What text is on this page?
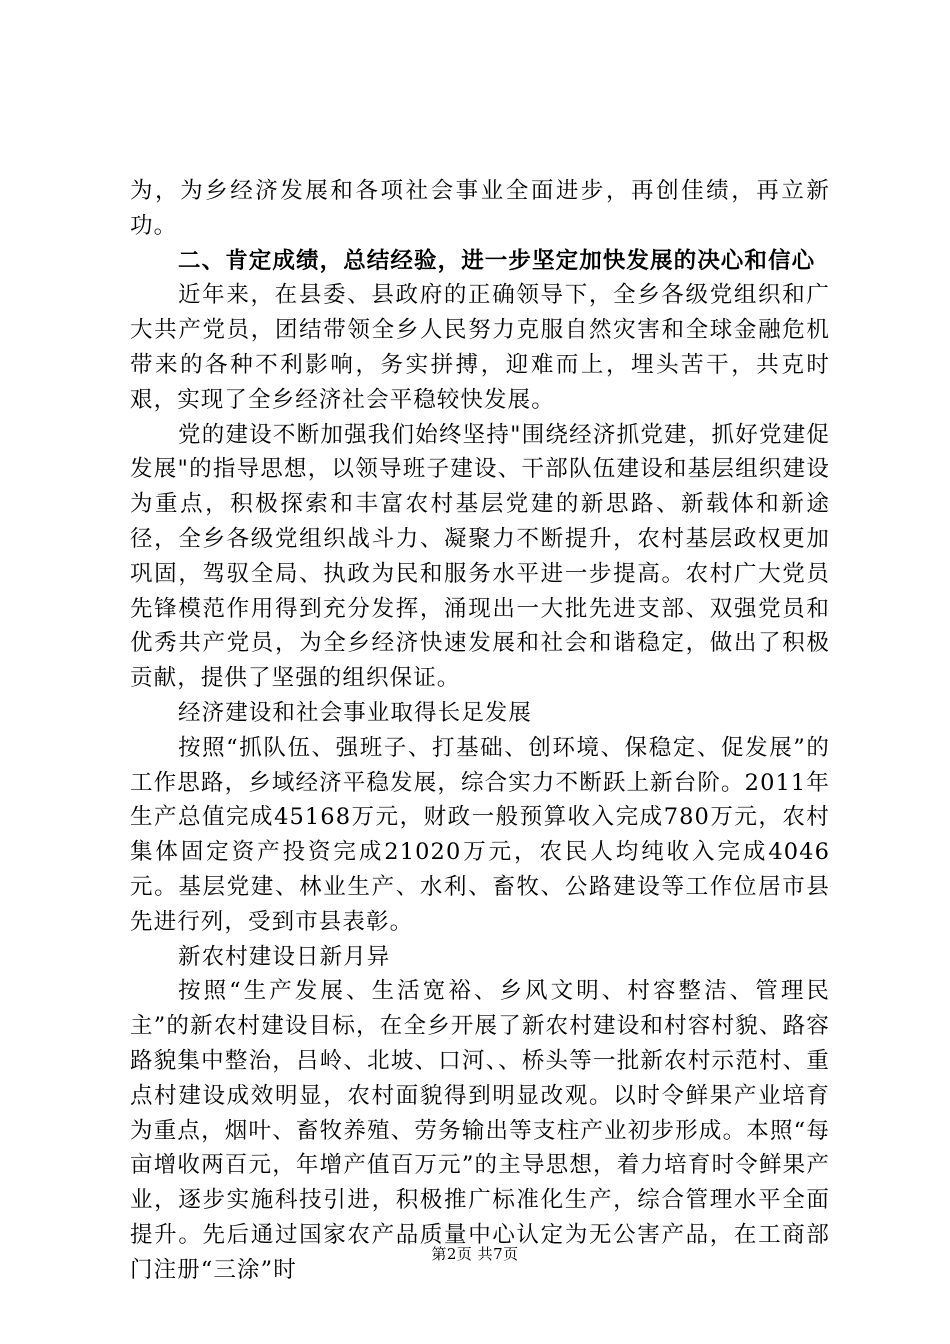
为，为乡经济发展和各项社会事业全面进步，再创佳绩，再立新功。

二、肯定成绩，总结经验，进一步坚定加快发展的决心和信心

近年来，在县委、县政府的正确领导下，全乡各级党组织和广大共产党员，团结带领全乡人民努力克服自然灾害和全球金融危机带来的各种不利影响，务实拼搏，迎难而上，埋头苦干，共克时艰，实现了全乡经济社会平稳较快发展。

党的建设不断加强我们始终坚持"围绕经济抓党建，抓好党建促发展"的指导思想，以领导班子建设、干部队伍建设和基层组织建设为重点，积极探索和丰富农村基层党建的新思路、新载体和新途径，全乡各级党组织战斗力、凝聚力不断提升，农村基层政权更加巩固，驾驭全局、执政为民和服务水平进一步提高。农村广大党员先锋模范作用得到充分发挥，涌现出一大批先进支部、双强党员和优秀共产党员，为全乡经济快速发展和社会和谐稳定，做出了积极贡献，提供了坚强的组织保证。

经济建设和社会事业取得长足发展

按照“抓队伍、强班子、打基础、创环境、保稳定、促发展”的工作思路，乡域经济平稳发展，综合实力不断跃上新台阶。2011年生产总值完成45168万元，财政一般预算收入完成780万元，农村集体固定资产投资完成21020万元，农民人均纯收入完成4046元。基层党建、林业生产、水利、畜牧、公路建设等工作位居市县先进行列，受到市县表彰。

新农村建设日新月异

按照“生产发展、生活宽裕、乡风文明、村容整洁、管理民主”的新农村建设目标，在全乡开展了新农村建设和村容村貌、路容路貌集中整治，吕岭、北坡、口河、、桥头等一批新农村示范村、重点村建设成效明显，农村面貌得到明显改观。以时令鲜果产业培育为重点，烟叶、畜牧养殖、劳务输出等支柱产业初步形成。本照“每亩增收两百元，年增产值百万元”的主导思想，着力培育时令鲜果产业，逐步实施科技引进，积极推广标准化生产，综合管理水平全面提升。先后通过国家农产品质量中心认定为无公害产品，在工商部门注册“三涂”时

第2页 共7页
